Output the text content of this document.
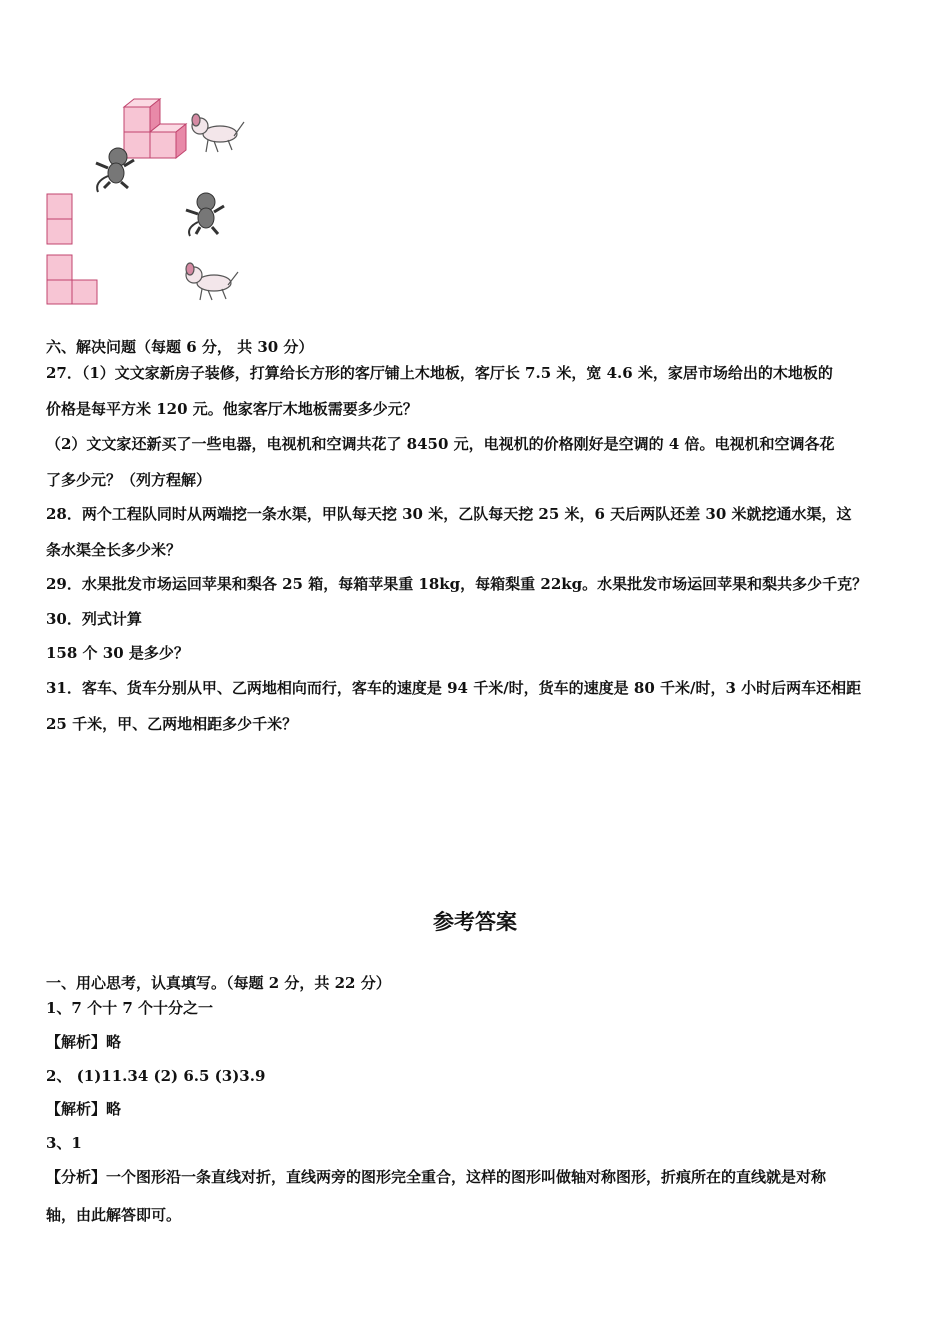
六、解决问题（每题 6 分， 共 30 分）
27．（1）文文家新房子装修，打算给长方形的客厅铺上木地板，客厅长 7.5 米，宽 4.6 米，家居市场给出的木地板的
价格是每平方米 120 元。他家客厅木地板需要多少元？
（2）文文家还新买了一些电器，电视机和空调共花了 8450 元，电视机的价格刚好是空调的 4 倍。电视机和空调各花
了多少元？（列方程解）
28．两个工程队同时从两端挖一条水渠，甲队每天挖 30 米，乙队每天挖 25 米，6 天后两队还差 30 米就挖通水渠，这
条水渠全长多少米？
29．水果批发市场运回苹果和梨各 25 箱，每箱苹果重 18kg，每箱梨重 22kg。水果批发市场运回苹果和梨共多少千克？
30．列式计算
158 个 30 是多少？
31．客车、货车分别从甲、乙两地相向而行，客车的速度是 94 千米/时，货车的速度是 80 千米/时，3 小时后两车还相距
25 千米，甲、乙两地相距多少千米？
参考答案
一、用心思考，认真填写。（每题 2 分，共 22 分）
1、7 个十 7 个十分之一
【解析】略
2、 (1)11.34 (2) 6.5 (3)3.9
【解析】略
3、1
【分析】一个图形沿一条直线对折，直线两旁的图形完全重合，这样的图形叫做轴对称图形，折痕所在的直线就是对称
轴，由此解答即可。
